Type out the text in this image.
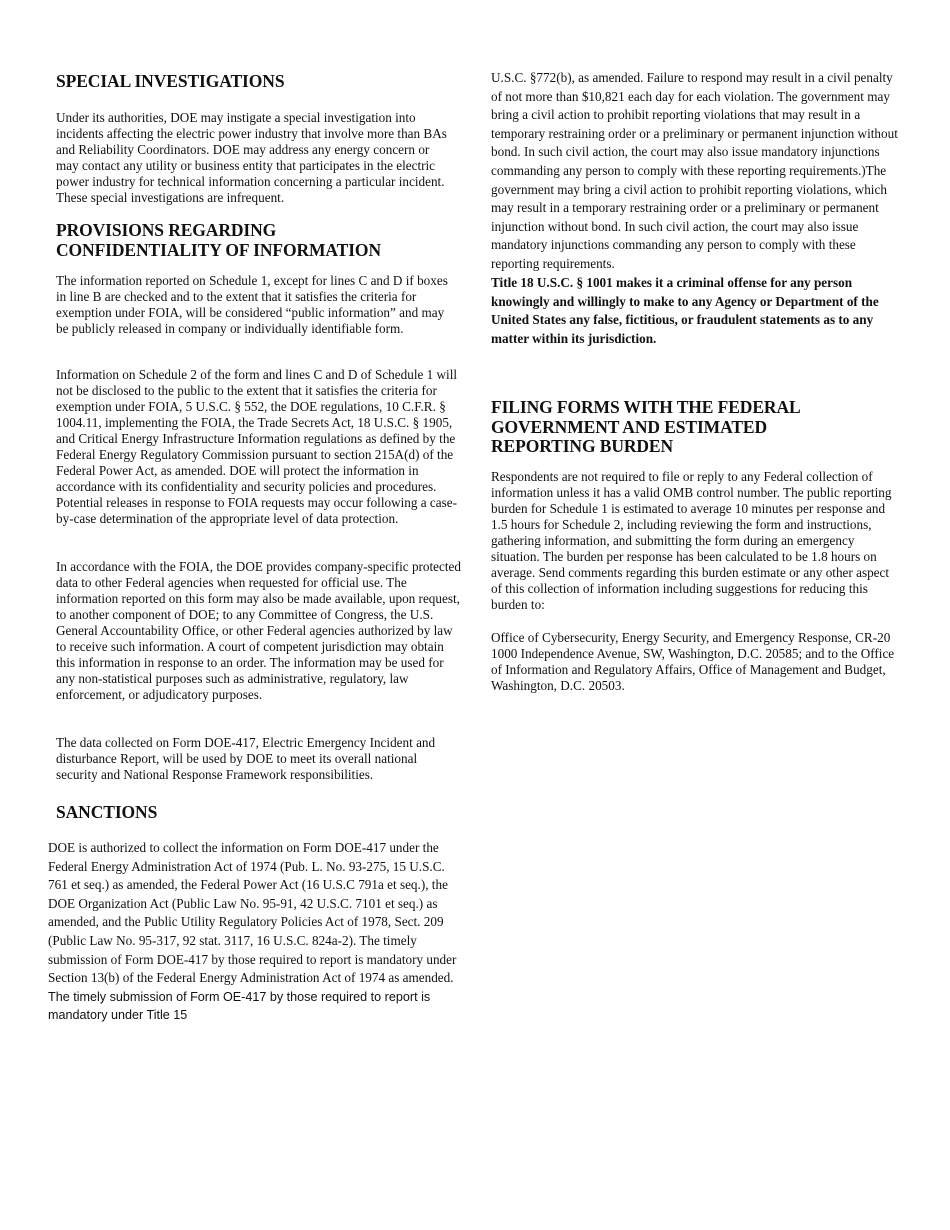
SPECIAL INVESTIGATIONS

Under its authorities, DOE may instigate a special investigation into incidents affecting the electric power industry that involve more than BAs and Reliability Coordinators. DOE may address any energy concern or may contact any utility or business entity that participates in the electric power industry for technical information concerning a particular incident. These special investigations are infrequent.

PROVISIONS REGARDING
CONFIDENTIALITY OF INFORMATION

The information reported on Schedule 1, except for lines C and D if boxes in line B are checked and to the extent that it satisfies the criteria for exemption under FOIA, will be considered “public information” and may be publicly released in company or individually identifiable form.

Information on Schedule 2 of the form and lines C and D of Schedule 1 will not be disclosed to the public to the extent that it satisfies the criteria for exemption under FOIA, 5 U.S.C. § 552, the DOE regulations, 10 C.F.R. § 1004.11, implementing the FOIA, the Trade Secrets Act, 18 U.S.C. § 1905, and Critical Energy Infrastructure Information regulations as defined by the Federal Energy Regulatory Commission pursuant to section 215A(d) of the Federal Power Act, as amended. DOE will protect the information in accordance with its confidentiality and security policies and procedures. Potential releases in response to FOIA requests may occur following a case-by-case determination of the appropriate level of data protection.

In accordance with the FOIA, the DOE provides company-specific protected data to other Federal agencies when requested for official use. The information reported on this form may also be made available, upon request, to another component of DOE; to any Committee of Congress, the U.S. General Accountability Office, or other Federal agencies authorized by law to receive such information. A court of competent jurisdiction may obtain this information in response to an order. The information may be used for any non-statistical purposes such as administrative, regulatory, law enforcement, or adjudicatory purposes.

The data collected on Form DOE-417, Electric Emergency Incident and disturbance Report, will be used by DOE to meet its overall national security and National Response Framework responsibilities.

SANCTIONS

DOE is authorized to collect the information on Form DOE-417 under the Federal Energy Administration Act of 1974 (Pub. L. No. 93-275, 15 U.S.C. 761 et seq.) as amended, the Federal Power Act (16 U.S.C 791a et seq.), the DOE Organization Act (Public Law No. 95-91, 42 U.S.C. 7101 et seq.) as amended, and the Public Utility Regulatory Policies Act of 1978, Sect. 209 (Public Law No. 95-317, 92 stat. 3117, 16 U.S.C. 824a-2). The timely submission of Form DOE-417 by those required to report is mandatory under Section 13(b) of the Federal Energy Administration Act of 1974 as amended. The timely submission of Form OE-417 by those required to report is mandatory under Title 15

U.S.C. §772(b), as amended. Failure to respond may result in a civil penalty of not more than $10,821 each day for each violation. The government may bring a civil action to prohibit reporting violations that may result in a temporary restraining order or a preliminary or permanent injunction without bond. In such civil action, the court may also issue mandatory injunctions commanding any person to comply with these reporting requirements.)The government may bring a civil action to prohibit reporting violations, which may result in a temporary restraining order or a preliminary or permanent injunction without bond. In such civil action, the court may also issue mandatory injunctions commanding any person to comply with these reporting requirements.

Title 18 U.S.C. § 1001 makes it a criminal offense for any person knowingly and willingly to make to any Agency or Department of the United States any false, fictitious, or fraudulent statements as to any matter within its jurisdiction.

FILING FORMS WITH THE FEDERAL
GOVERNMENT AND ESTIMATED
REPORTING BURDEN

Respondents are not required to file or reply to any Federal collection of information unless it has a valid OMB control number. The public reporting burden for Schedule 1 is estimated to average 10 minutes per response and 1.5 hours for Schedule 2, including reviewing the form and instructions, gathering information, and submitting the form during an emergency situation. The burden per response has been calculated to be 1.8 hours on average. Send comments regarding this burden estimate or any other aspect of this collection of information including suggestions for reducing this burden to:

Office of Cybersecurity, Energy Security, and Emergency Response, CR-20 1000 Independence Avenue, SW, Washington, D.C. 20585; and to the Office of Information and Regulatory Affairs, Office of Management and Budget, Washington, D.C. 20503.
